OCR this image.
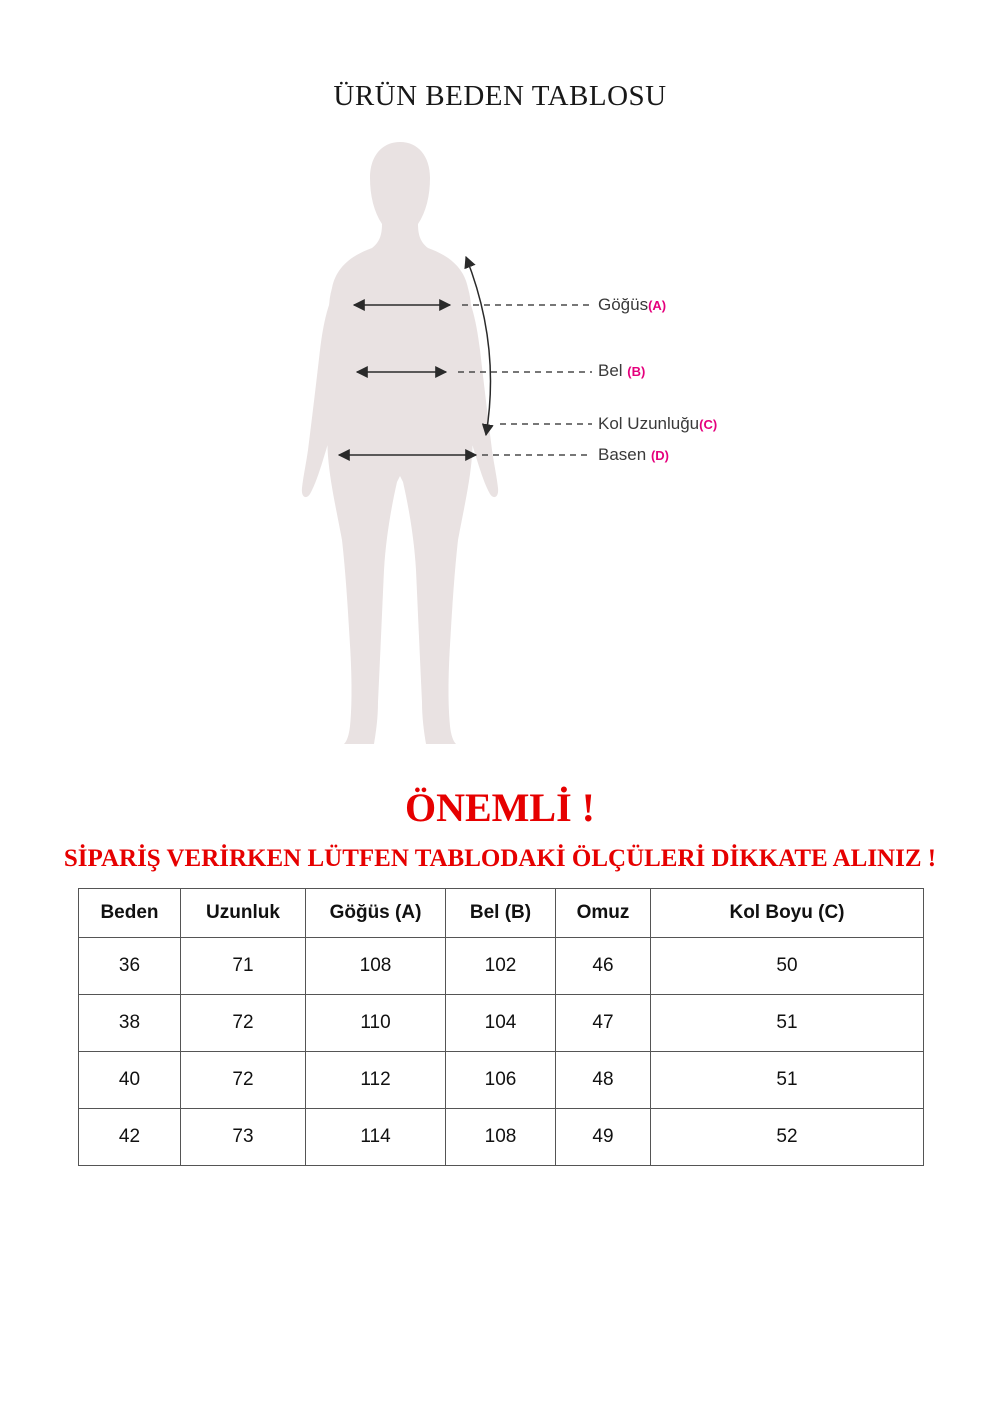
ÜRÜN BEDEN TABLOSU
Göğüs(A)
Bel (B)
Kol Uzunluğu(C)
Basen (D)
ÖNEMLİ !
SİPARİŞ VERİRKEN LÜTFEN TABLODAKİ ÖLÇÜLERİ DİKKATE ALINIZ !
Beden	Uzunluk	Göğüs (A)	Bel (B)	Omuz	Kol Boyu (C)
36	71	108	102	46	50
38	72	110	104	47	51
40	72	112	106	48	51
42	73	114	108	49	52
